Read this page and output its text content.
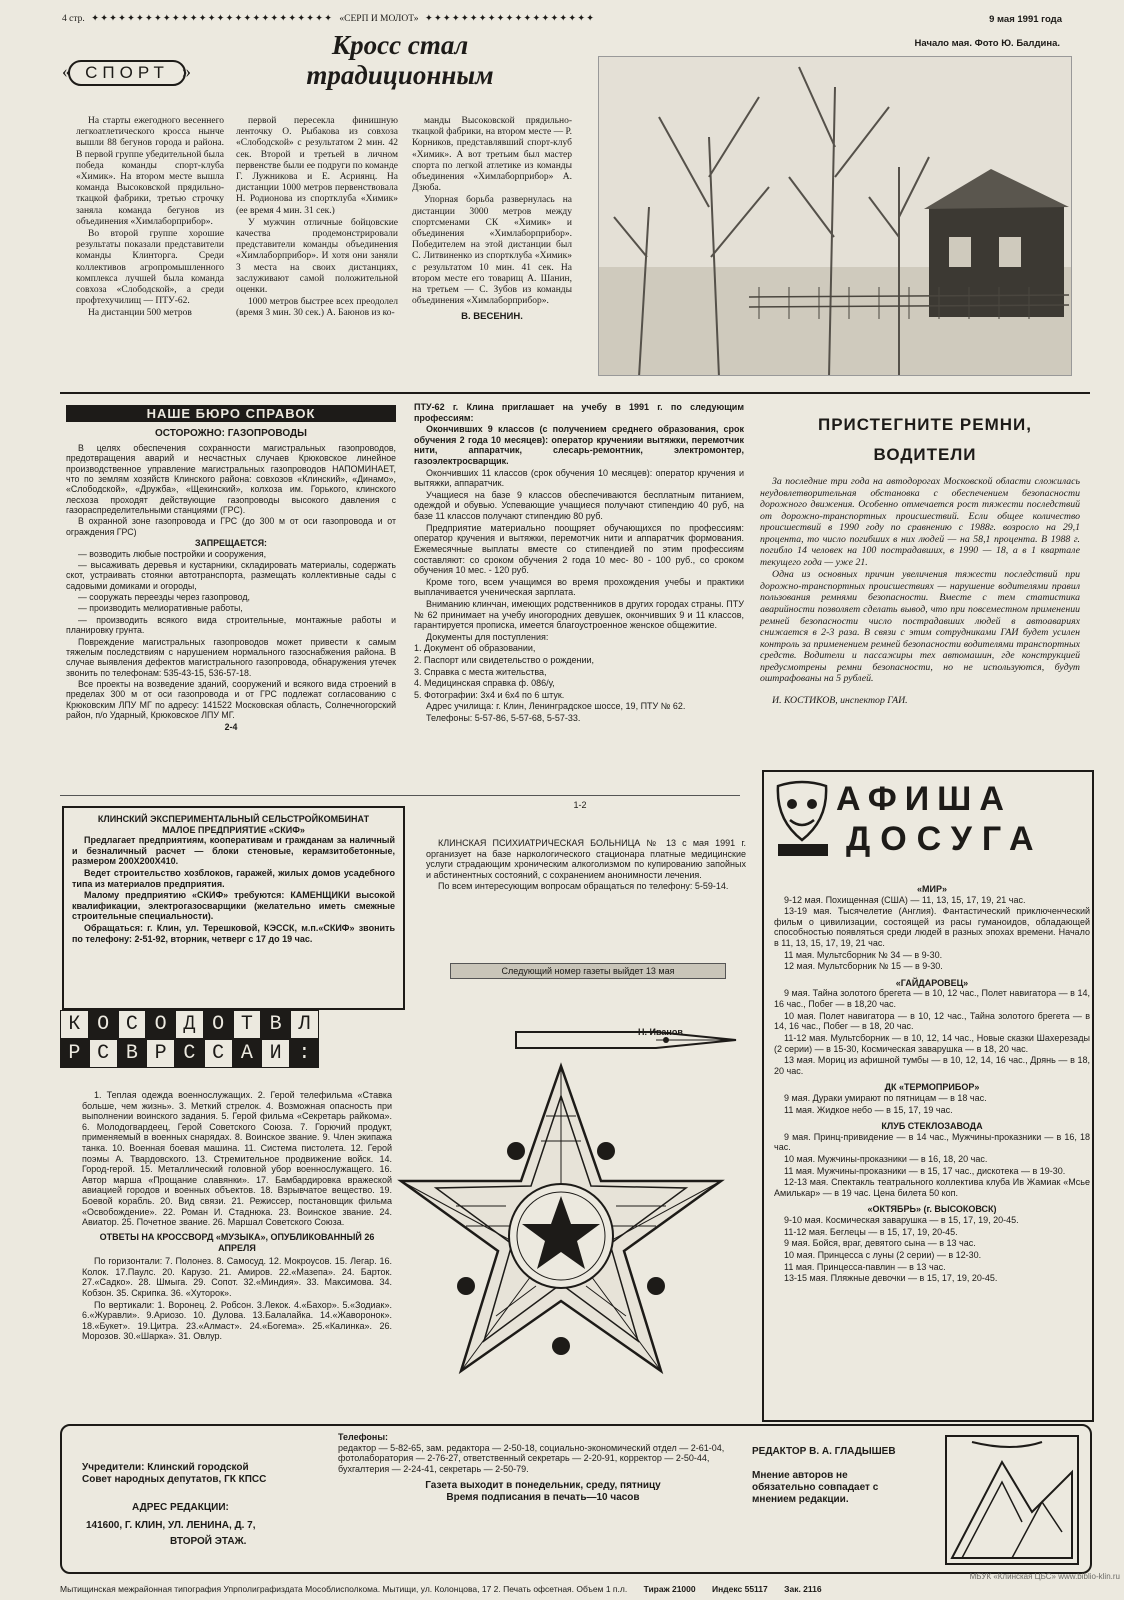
4 стр. ✦✦✦✦✦✦✦✦✦✦✦✦✦✦✦✦✦✦✦✦✦✦✦✦✦✦✦ «СЕРП И МОЛОТ» ✦✦✦✦✦✦✦✦✦✦✦✦✦✦✦✦✦✦✦	9 мая 1991 года
« СПОРТ »
Кросс стал
традиционным

На старты ежегодного весеннего легкоатлетического кросса нынче вышли 88 бегунов города и района. В первой группе убедительной была победа команды спорт-клуба «Химик». На втором месте вышла команда Высоковской прядильно-ткацкой фабрики, третью строчку заняла команда бегунов из объединения «Химлаборприбор».

Во второй группе хорошие результаты показали представители команды Клинторга. Среди коллективов агропромышленного комплекса лучшей была команда совхоза «Слободской», а среди профтехучилищ — ПТУ-62.

На дистанции 500 метров

первой пересекла финишную ленточку О. Рыбакова из совхоза «Слободской» с результатом 2 мин. 42 сек. Второй и третьей в личном первенстве были ее подруги по команде Г. Лужникова и Е. Асриянц. На дистанции 1000 метров первенствовала Н. Родионова из спортклуба «Химик» (ее время 4 мин. 31 сек.)

У мужчин отличные бойцовские качества продемонстрировали представители команды объединения «Химлаборприбор». И хотя они заняли 3 места на своих дистанциях, заслуживают самой положительной оценки.

1000 метров быстрее всех преодолел (время 3 мин. 30 сек.) А. Баюнов из ко-

манды Высоковской прядильно-ткацкой фабрики, на втором месте — Р. Корников, представлявший спорт-клуб «Химик». А вот третьим был мастер спорта по легкой атлетике из команды объединения «Химлаборприбор» А. Дзюба.

Упорная борьба развернулась на дистанции 3000 метров между спортсменами СК «Химик» и объединения «Химлаборприбор». Победителем на этой дистанции был С. Литвиненко из спортклуба «Химик» с результатом 10 мин. 41 сек. На втором месте его товарищ А. Шанин, на третьем — С. Зубов из команды объединения «Химлаборприбор».

В. ВЕСЕНИН.

Начало мая. Фото Ю. Балдина.
НАШЕ БЮРО СПРАВОК
ОСТОРОЖНО: ГАЗОПРОВОДЫ

В целях обеспечения сохранности магистральных газопроводов, предотвращения аварий и несчастных случаев Крюковское линейное производственное управление магистральных газопроводов НАПОМИНАЕТ, что по землям хозяйств Клинского района: совхозов «Клинский», «Динамо», «Слободской», «Дружба», «Щекинский», колхоза им. Горького, клинского лесхоза проходят действующие газопроводы высокого давления с газораспределительными станциями (ГРС).

В охранной зоне газопровода и ГРС (до 300 м от оси газопровода и от ограждения ГРС)

ЗАПРЕЩАЕТСЯ:

— возводить любые постройки и сооружения,

— высаживать деревья и кустарники, складировать материалы, содержать скот, устраивать стоянки автотранспорта, размещать коллективные сады с садовыми домиками и огороды,

— сооружать переезды через газопровод,

— производить мелиоративные работы,

— производить всякого вида строительные, монтажные работы и планировку грунта.

Повреждение магистральных газопроводов может привести к самым тяжелым последствиям с нарушением нормального газоснабжения района. В случае выявления дефектов магистрального газопровода, обнаружения утечек звонить по телефонам: 535-43-15, 536-57-18.

Все проекты на возведение зданий, сооружений и всякого вида строений в пределах 300 м от оси газопровода и от ГРС подлежат согласованию с Крюковским ЛПУ МГ по адресу: 141522 Московская область, Солнечногорский район, п/о Ударный, Крюковское ЛПУ МГ.

2-4

ПТУ-62 г. Клина приглашает на учебу в 1991 г. по следующим профессиям:

Окончивших 9 классов (с получением среднего образования, срок обучения 2 года 10 месяцев): оператор крученияи вытяжки, перемотчик нити, аппаратчик, слесарь-ремонтник, электромонтер, газоэлектросварщик.

Окончивших 11 классов (срок обучения 10 месяцев): оператор кручения и вытяжки, аппаратчик.

Учащиеся на базе 9 классов обеспечиваются бесплатным питанием, одеждой и обувью. Успевающие учащиеся получают стипендию 40 руб, на базе 11 классов получают стипендию 80 руб.

Предприятие материально поощряет обучающихся по профессиям: оператор кручения и вытяжки, перемотчик нити и аппаратчик формования. Ежемесячные выплаты вместе со стипендией по этим профессиям составляют: со сроком обучения 2 года 10 мес- 80 - 100 руб., со сроком обучения 10 мес. - 120 руб.

Кроме того, всем учащимся во время прохождения учебы и практики выплачивается ученическая зарплата.

Вниманию клинчан, имеющих родственников в других городах страны. ПТУ № 62 принимает на учебу иногородних девушек, окончивших 9 и 11 классов, гарантируется прописка, имеется благоустроенное женское общежитие.

Документы для поступления:

1. Документ об образовании,

2. Паспорт или свидетельство о рождении,

3. Справка с места жительства,

4. Медицинская справка ф. 086/у,

5. Фотографии: 3х4 и 6х4 по 6 штук.

Адрес училища: г. Клин, Ленинградское шоссе, 19, ПТУ № 62.

Телефоны: 5-57-86, 5-57-68, 5-57-33.

1-2
ПРИСТЕГНИТЕ РЕМНИ,
ВОДИТЕЛИ

За последние три года на автодорогах Московской области сложилась неудовлетворительная обстановка с обеспечением безопасности дорожного движения. Особенно отмечается рост тяжести последствий от дорожно-транспортных происшествий. Если общее количество происшествий в 1990 году по сравнению с 1988г. возросло на 29,1 процента, то число погибших в них людей — на 58,1 процента. В 1988 г. погибло 14 человек на 100 пострадавших, в 1990 — 18, а в 1 квартале текущего года — уже 21.

Одна из основных причин увеличения тяжести последствий при дорожно-транспортных происшествиях — нарушение водителями правил пользования ремнями безопасности. Вместе с тем статистика аварийности позволяет сделать вывод, что при повсеместном применении ремней безопасности число пострадавших людей в автоавариях снижается в 2-3 раза. В связи с этим сотрудниками ГАИ будет усилен контроль за применением ремней безопасности водителями транспортных средств. Водители и пассажиры тех автомашин, где конструкцией предусмотрены ремни безопасности, но не используются, будут оштрафованы на 5 рублей.

И. КОСТИКОВ, инспектор ГАИ.

КЛИНСКИЙ ЭКСПЕРИМЕНТАЛЬНЫЙ СЕЛЬСТРОЙКОМБИНАТ
МАЛОЕ ПРЕДПРИЯТИЕ «СКИФ»

Предлагает предприятиям, кооперативам и гражданам за наличный и безналичный расчет — блоки стеновые, керамзитобетонные, размером 200Х200Х410.

Ведет строительство хозблоков, гаражей, жилых домов усадебного типа из материалов предприятия.

Малому предприятию «СКИФ» требуются: КАМЕНЩИКИ высокой квалификации, электрогазосварщики (желательно иметь смежные строительные специальности).

Обращаться: г. Клин, ул. Терешковой, КЭССК, м.п.«СКИФ» звонить по телефону: 2-51-92, вторник, четверг с 17 до 19 час.

КЛИНСКАЯ ПСИХИАТРИЧЕСКАЯ БОЛЬНИЦА № 13 с мая 1991 г. организует на базе наркологического стационара платные медицинские услуги страдающим хроническим алкоголизмом по купированию запойных и абстинентных состояний, с сохранением анонимности лечения.

По всем интересующим вопросам обращаться по телефону: 5-59-14.

Следующий номер газеты выйдет 13 мая
К О С О Д О Т В Л
Р С В Р С С А И :
Н. Иванов

1. Теплая одежда военнослужащих. 2. Герой телефильма «Ставка больше, чем жизнь». 3. Меткий стрелок. 4. Возможная опасность при выполнении воинского задания. 5. Герой фильма «Секретарь райкома». 6. Молодогвардеец, Герой Советского Союза. 7. Горючий продукт, применяемый в военных снарядах. 8. Воинское звание. 9. Член экипажа танка. 10. Военная боевая машина. 11. Система пистолета. 12. Герой поэмы А. Твардовского. 13. Стремительное продвижение войск. 14. Город-герой. 15. Металлический головной убор военнослужащего. 16. Автор марша «Прощание славянки». 17. Бамбардировка вражеской авиацией городов и военных объектов. 18. Взрывчатое вещество. 19. Боевой корабль. 20. Вид связи. 21. Режиссер, постановщик фильма «Освобождение». 22. Роман И. Стаднюка. 23. Воинское звание. 24. Авиатор. 25. Почетное звание. 26. Маршал Советского Союза.

ОТВЕТЫ НА КРОССВОРД «МУЗЫКА», ОПУБЛИКОВАННЫЙ 26 АПРЕЛЯ

По горизонтали: 7. Полонез. 8. Самосуд. 12. Мокроусов. 15. Легар. 16. Колок. 17.Паулс. 20. Карузо. 21. Амиров. 22.«Мазепа». 24. Барток. 27.«Садко». 28. Шмыга. 29. Сопот. 32.«Миндия». 33. Максимова. 34. Кобзон. 35. Скрипка. 36. «Хуторок».

По вертикали: 1. Воронец. 2. Робсон. 3.Лекок. 4.«Бахор». 5.«Зодиак». 6.«Журавли». 9.Ариозо. 10. Дулова. 13.Балалайка. 14.«Жаворонок». 18.«Букет». 19.Цитра. 23.«Алмаст». 24.«Богема». 25.«Калинка». 26. Морозов. 30.«Шарка». 31. Овлур.

АФИША
ДОСУГА
«МИР»

9-12 мая. Похищенная (США) — 11, 13, 15, 17, 19, 21 час.

13-19 мая. Тысячелетие (Англия). Фантастический приключенческий фильм о цивилизации, состоящей из расы гуманоидов, обладающей способностью появляться среди людей в разных эпохах времени. Начало в 11, 13, 15, 17, 19, 21 час.

11 мая. Мультсборник № 34 — в 9-30.

12 мая. Мультсборник № 15 — в 9-30.

«ГАЙДАРОВЕЦ»

9 мая. Тайна золотого брегета — в 10, 12 час., Полет навигатора — в 14, 16 час., Побег — в 18,20 час.

10 мая. Полет навигатора — в 10, 12 час., Тайна золотого брегета — в 14, 16 час., Побег — в 18, 20 час.

11-12 мая. Мультсборник — в 10, 12, 14 час., Новые сказки Шахерезады (2 серии) — в 15-30, Космическая заварушка — в 18, 20 час.

13 мая. Моpиц из афишной тумбы — в 10, 12, 14, 16 час., Дрянь — в 18, 20 час.

ДК «ТЕРМОПРИБОР»

9 мая. Дураки умирают по пятницам — в 18 час.

11 мая. Жидкое небо — в 15, 17, 19 час.

КЛУБ СТЕКЛОЗАВОДА

9 мая. Принц-привидение — в 14 час., Мужчины-проказники — в 16, 18 час.

10 мая. Мужчины-проказники — в 16, 18, 20 час.

11 мая. Мужчины-проказники — в 15, 17 час., дискотека — в 19-30.

12-13 мая. Спектакль театрального коллектива клуба Ив Жамиак «Мсье Амилькар» — в 19 час. Цена билета 50 коп.

«ОКТЯБРЬ» (г. ВЫСОКОВСК)

9-10 мая. Космическая заварушка — в 15, 17, 19, 20-45.

11-12 мая. Беглецы — в 15, 17, 19, 20-45.

9 мая. Бойся, враг, девятого сына — в 13 час.

10 мая. Принцесса с луны (2 серии) — в 12-30.

11 мая. Принцесса-павлин — в 13 час.

13-15 мая. Пляжные девочки — в 15, 17, 19, 20-45.

Учредители: Клинский городской
Совет народных депутатов, ГК КПСС
АДРЕС РЕДАКЦИИ:
141600, Г. КЛИН, УЛ. ЛЕНИНА, Д. 7,
ВТОРОЙ ЭТАЖ.
Телефоны:
редактор — 5-82-65, зам. редактора — 2-50-18, социально-экономический отдел — 2-61-04, фотолаборатория — 2-76-27, ответственный секретарь — 2-20-91, корректор — 2-50-44, бухгалтерия — 2-24-41, секретарь — 2-50-79.
Газета выходит в понедельник, среду, пятницу
Время подписания в печать—10 часов
РЕДАКТОР В. А. ГЛАДЫШЕВ
Мнение авторов не обязательно совпадает с мнением редакции.
Мытищинская межрайонная типография Упрполиграфиздата Мособлисполкома. Мытищи, ул. Колонцова, 17 2. Печать офсетная. Объем 1 п.л. Тираж 21000 Индекс 55117 Зак. 2116
МБУК «Клинская ЦБС» www.biblio-klin.ru
